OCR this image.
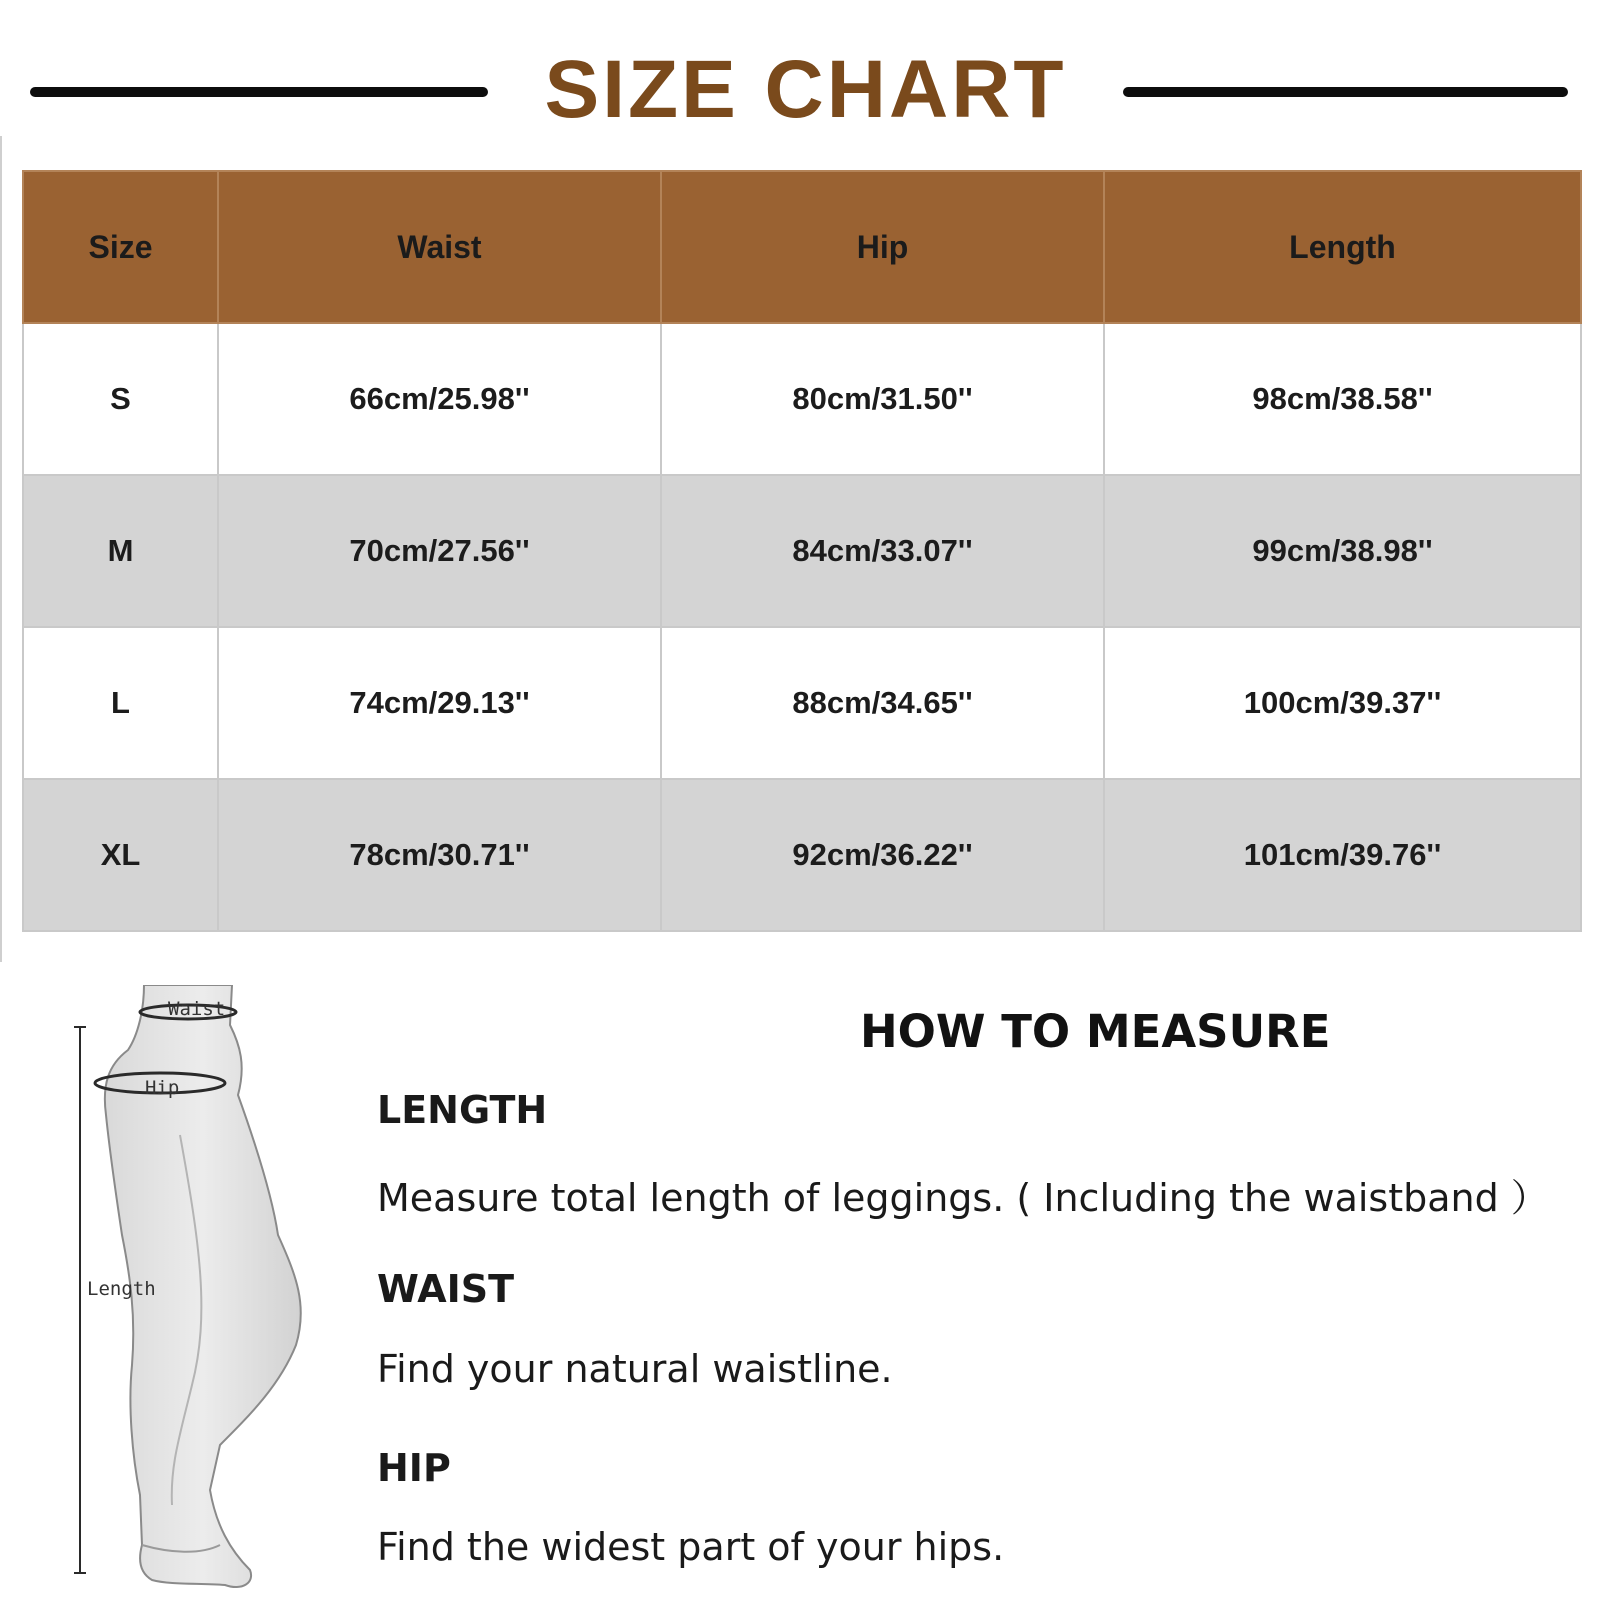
SIZE CHART
Size	Waist	Hip	Length
S	66cm/25.98''	80cm/31.50''	98cm/38.58''
M	70cm/27.56''	84cm/33.07''	99cm/38.98''
L	74cm/29.13''	88cm/34.65''	100cm/39.37''
XL	78cm/30.71''	92cm/36.22''	101cm/39.76''
Waist
Hip
Length
HOW TO MEASURE
LENGTH
Measure total length of leggings. ( Including the waistband ）
WAIST
Find your natural waistline.
HIP
Find the widest part of your hips.
